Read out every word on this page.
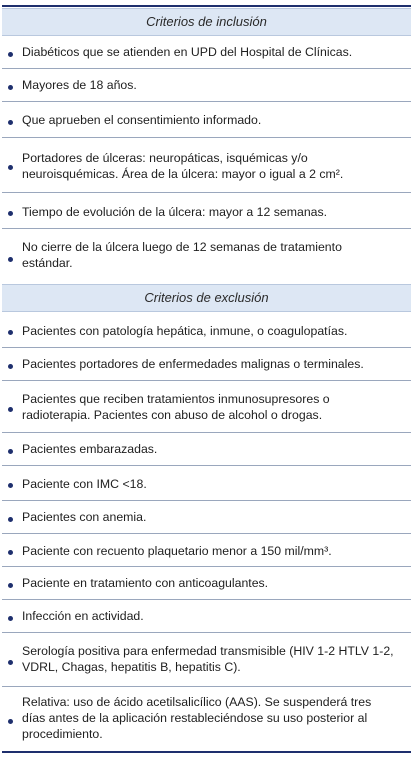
Criterios de inclusión
Diabéticos que se atienden en UPD del Hospital de Clínicas.
Mayores de 18 años.
Que aprueben el consentimiento informado.
Portadores de úlceras: neuropáticas, isquémicas y/o
neuroisquémicas. Área de la úlcera: mayor o igual a 2 cm².
Tiempo de evolución de la úlcera: mayor a 12 semanas.
No cierre de la úlcera luego de 12 semanas de tratamiento
estándar.
Criterios de exclusión
Pacientes con patología hepática, inmune, o coagulopatías.
Pacientes portadores de enfermedades malignas o terminales.
Pacientes que reciben tratamientos inmunosupresores o
radioterapia. Pacientes con abuso de alcohol o drogas.
Pacientes embarazadas.
Paciente con IMC <18.
Pacientes con anemia.
Paciente con recuento plaquetario menor a 150 mil/mm³.
Paciente en tratamiento con anticoagulantes.
Infección en actividad.
Serología positiva para enfermedad transmisible (HIV 1-2 HTLV 1-2,
VDRL, Chagas, hepatitis B, hepatitis C).
Relativa: uso de ácido acetilsalicílico (AAS). Se suspenderá tres
días antes de la aplicación restableciéndose su uso posterior al
procedimiento.
